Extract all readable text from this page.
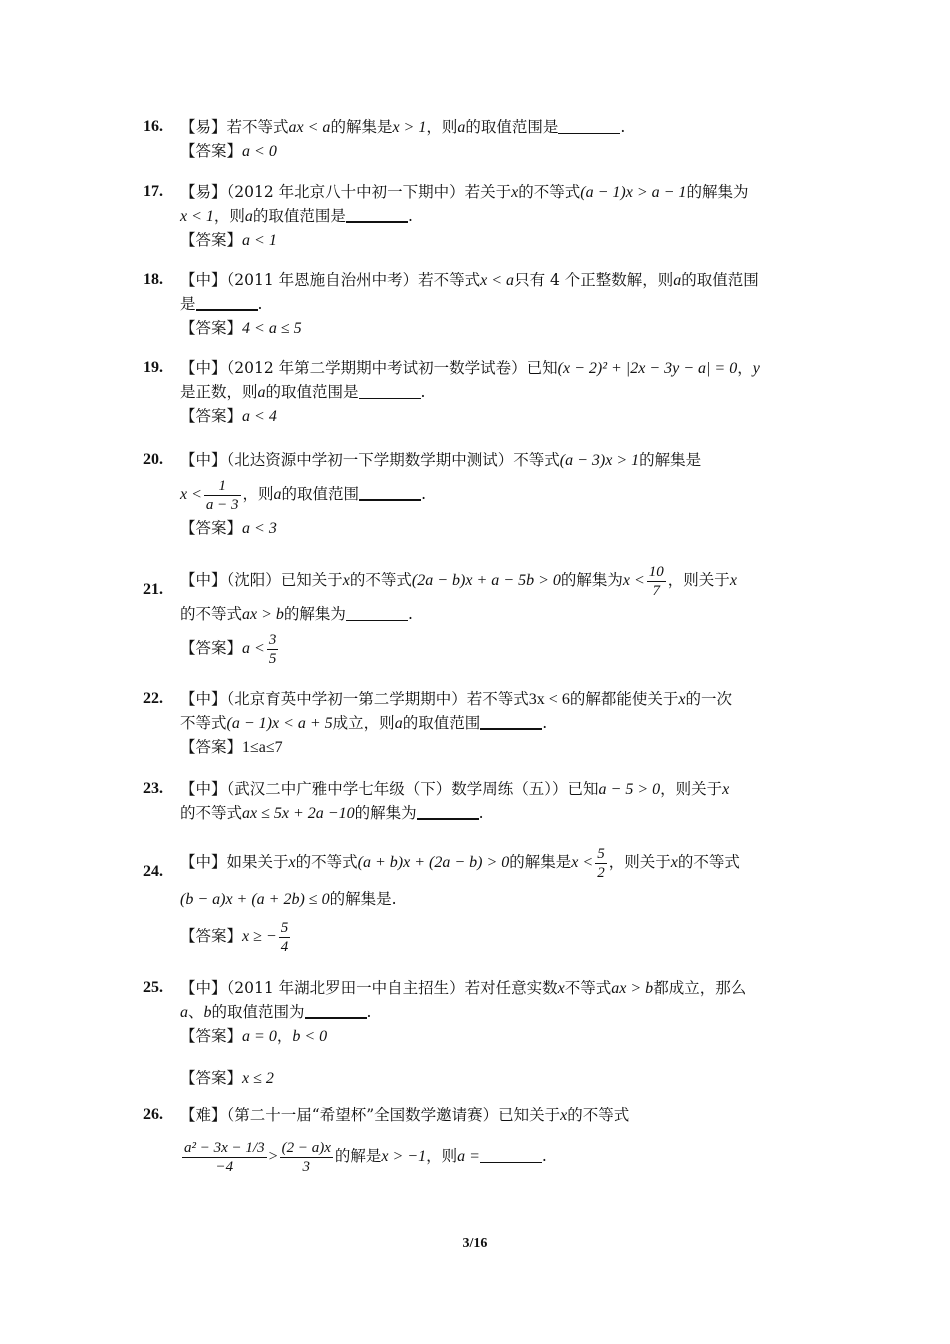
16. 【易】若不等式ax < a的解集是x > 1，则a的取值范围是	.
【答案】a < 0
17. 【易】（2012 年北京八十中初一下期中）若关于x的不等式(a − 1)x > a − 1的解集为
x < 1，则a的取值范围是	.
【答案】a < 1
18. 【中】（2011 年恩施自治州中考）若不等式x < a只有 4 个正整数解，则a的取值范围
是	.
【答案】4 < a ≤ 5
19. 【中】（2012 年第二学期期中考试初一数学试卷）已知(x − 2)² + |2x − 3y − a| = 0，y
是正数，则a的取值范围是	.
【答案】a < 4
20. 【中】（北达资源中学初一下学期数学期中测试）不等式(a − 3)x > 1的解集是
$x < \frac{1}{a - 3}$ ，则a的取值范围	.
【答案】a < 3
21.
【中】（沈阳）已知关于x的不等式(2a − b)x + a − 5b > 0的解集为$x < \frac{10}{7}$ ，则关于x
的不等式ax > b的解集为	.
【答案】$a < \frac{3}{5}$
22. 【中】（北京育英中学初一第二学期期中）若不等式3x < 6的解都能使关于x的一次
不等式(a − 1)x < a + 5成立，则a的取值范围	.
【答案】1≤a≤7
23. 【中】（武汉二中广雅中学七年级（下）数学周练（五））已知a − 5 > 0，则关于x
的不等式ax ≤ 5x + 2a −10的解集为	.
24.
【中】如果关于x的不等式(a + b)x + (2a − b) > 0的解集是$x < \frac{5}{2}$ ，则关于x的不等式
(b − a)x + (a + 2b) ≤ 0的解集是.
【答案】x ≥ − $\frac{5}{4}$
25. 【中】（2011 年湖北罗田一中自主招生）若对任意实数x不等式ax > b都成立，那么
a、b的取值范围为	.
【答案】a = 0，b < 0
【答案】x ≤ 2
26. 【难】（第二十一届“希望杯”全国数学邀请赛）已知关于x的不等式
$\frac{\text{a² − 3x − 1/3}}{-4} > \frac{(2 - a)x}{3}$ 的解是x > −1，则a =	.
3/16
